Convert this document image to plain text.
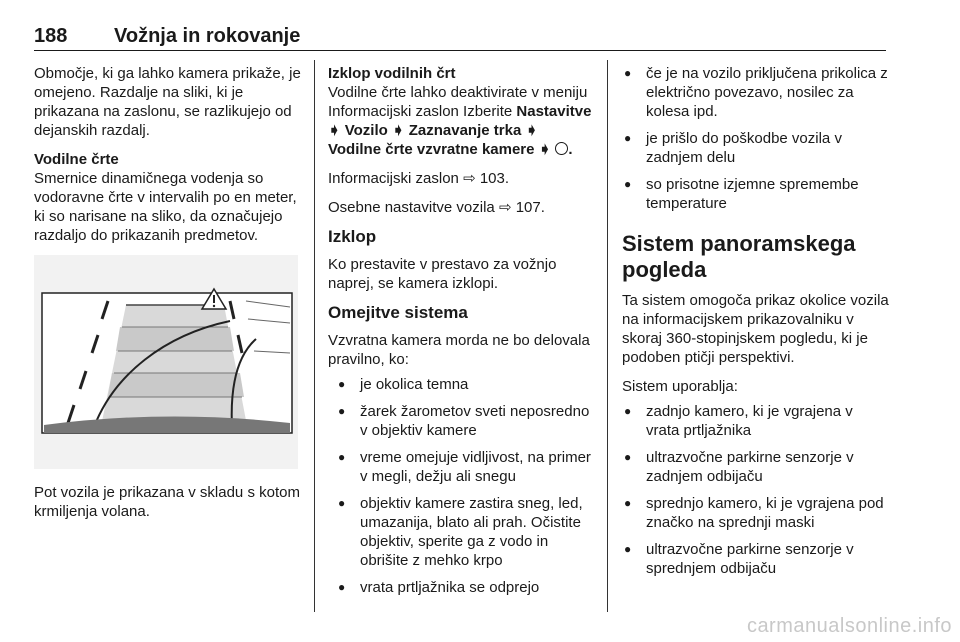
188 Vožnja in rokovanje

Območje, ki ga lahko kamera prikaže, je omejeno. Razdalje na sliki, ki je prikazana na zaslonu, se razlikujejo od dejanskih razdalj.

Vodilne črte

Smernice dinamičnega vodenja so vodoravne črte v intervalih po en meter, ki so narisane na sliko, da označujejo razdaljo do prikazanih predmetov.

Pot vozila je prikazana v skladu s kotom krmiljenja volana.

Izklop vodilnih črt

Vodilne črte lahko deaktivirate v meniju Informacijski zaslon Izberite Nastavitve ➧ Vozilo ➧ Zaznavanje trka ➧ Vodilne črte vzvratne kamere ➧ .

Informacijski zaslon ⇨ 103.

Osebne nastavitve vozila ⇨ 107.

Izklop

Ko prestavite v prestavo za vožnjo naprej, se kamera izklopi.

Omejitve sistema

Vzvratna kamera morda ne bo delovala pravilno, ko:

● je okolica temna
● žarek žarometov sveti neposredno v objektiv kamere
● vreme omejuje vidljivost, na primer v megli, dežju ali snegu
● objektiv kamere zastira sneg, led, umazanija, blato ali prah. Očistite objektiv, sperite ga z vodo in obrišite z mehko krpo
● vrata prtljažnika se odprejo
● če je na vozilo priključena prikolica z električno povezavo, nosilec za kolesa ipd.
● je prišlo do poškodbe vozila v zadnjem delu
● so prisotne izjemne spremembe temperature
Sistem panoramskega pogleda

Ta sistem omogoča prikaz okolice vozila na informacijskem prikazovalniku v skoraj 360-stopinjskem pogledu, ki je podoben ptičji perspektivi.

Sistem uporablja:

● zadnjo kamero, ki je vgrajena v vrata prtljažnika
● ultrazvočne parkirne senzorje v zadnjem odbijaču
● sprednjo kamero, ki je vgrajena pod značko na sprednji maski
● ultrazvočne parkirne senzorje v sprednjem odbijaču
carmanualsonline.info
